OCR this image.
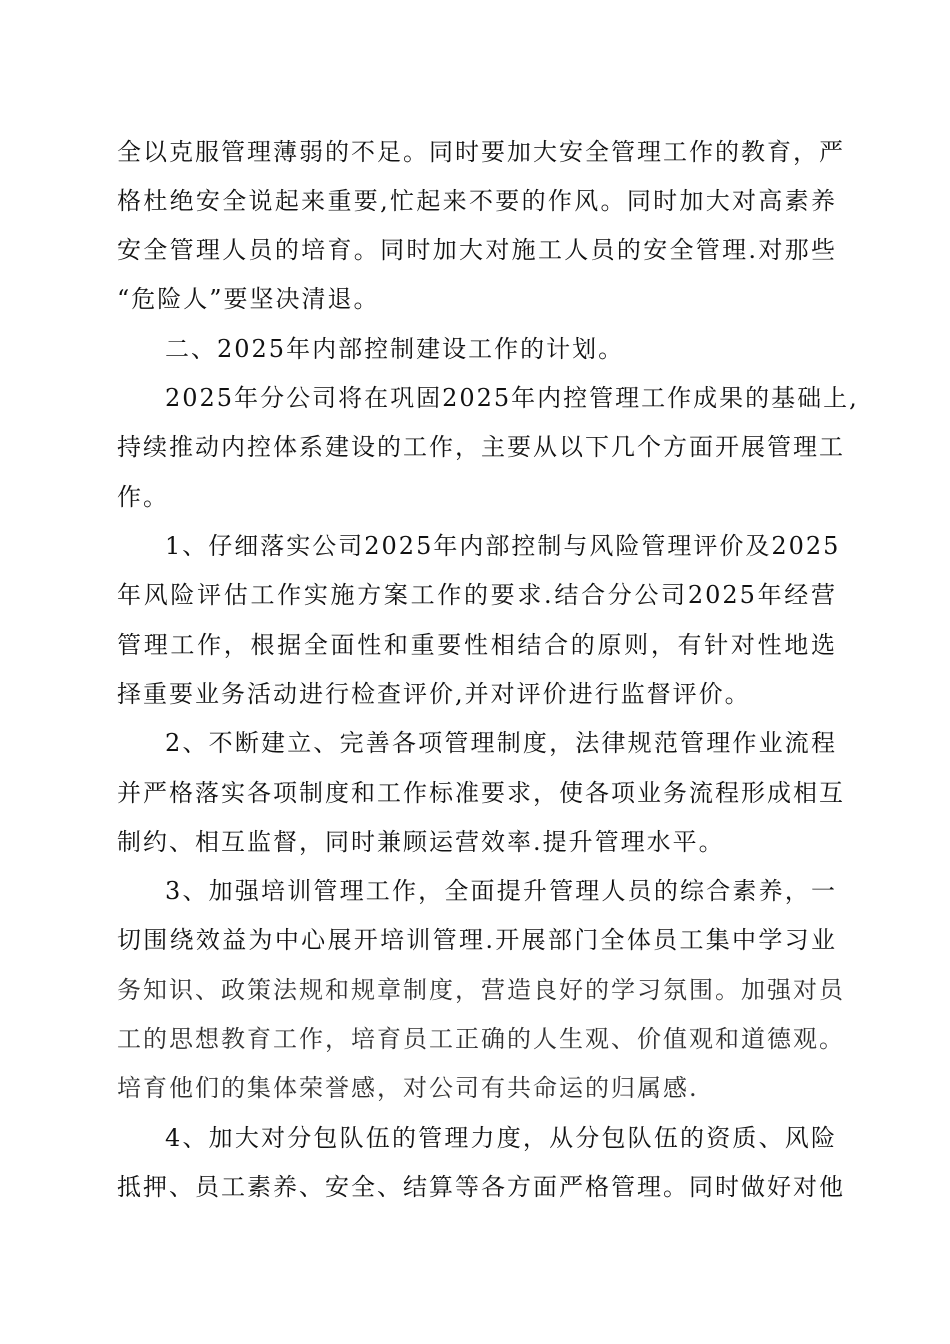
全以克服管理薄弱的不足。同时要加大安全管理工作的教育，严
格杜绝安全说起来重要,忙起来不要的作风。同时加大对高素养
安全管理人员的培育。同时加大对施工人员的安全管理.对那些
“危险人”要坚决清退。
二、2025年内部控制建设工作的计划。
2025年分公司将在巩固2025年内控管理工作成果的基础上,
持续推动内控体系建设的工作，主要从以下几个方面开展管理工
作。
1、仔细落实公司2025年内部控制与风险管理评价及2025
年风险评估工作实施方案工作的要求.结合分公司2025年经营
管理工作，根据全面性和重要性相结合的原则，有针对性地选
择重要业务活动进行检查评价,并对评价进行监督评价。
2、不断建立、完善各项管理制度，法律规范管理作业流程
并严格落实各项制度和工作标准要求，使各项业务流程形成相互
制约、相互监督，同时兼顾运营效率.提升管理水平。
3、加强培训管理工作，全面提升管理人员的综合素养，一
切围绕效益为中心展开培训管理.开展部门全体员工集中学习业
务知识、政策法规和规章制度，营造良好的学习氛围。加强对员
工的思想教育工作，培育员工正确的人生观、价值观和道德观。
培育他们的集体荣誉感，对公司有共命运的归属感.
4、加大对分包队伍的管理力度，从分包队伍的资质、风险
抵押、员工素养、安全、结算等各方面严格管理。同时做好对他
